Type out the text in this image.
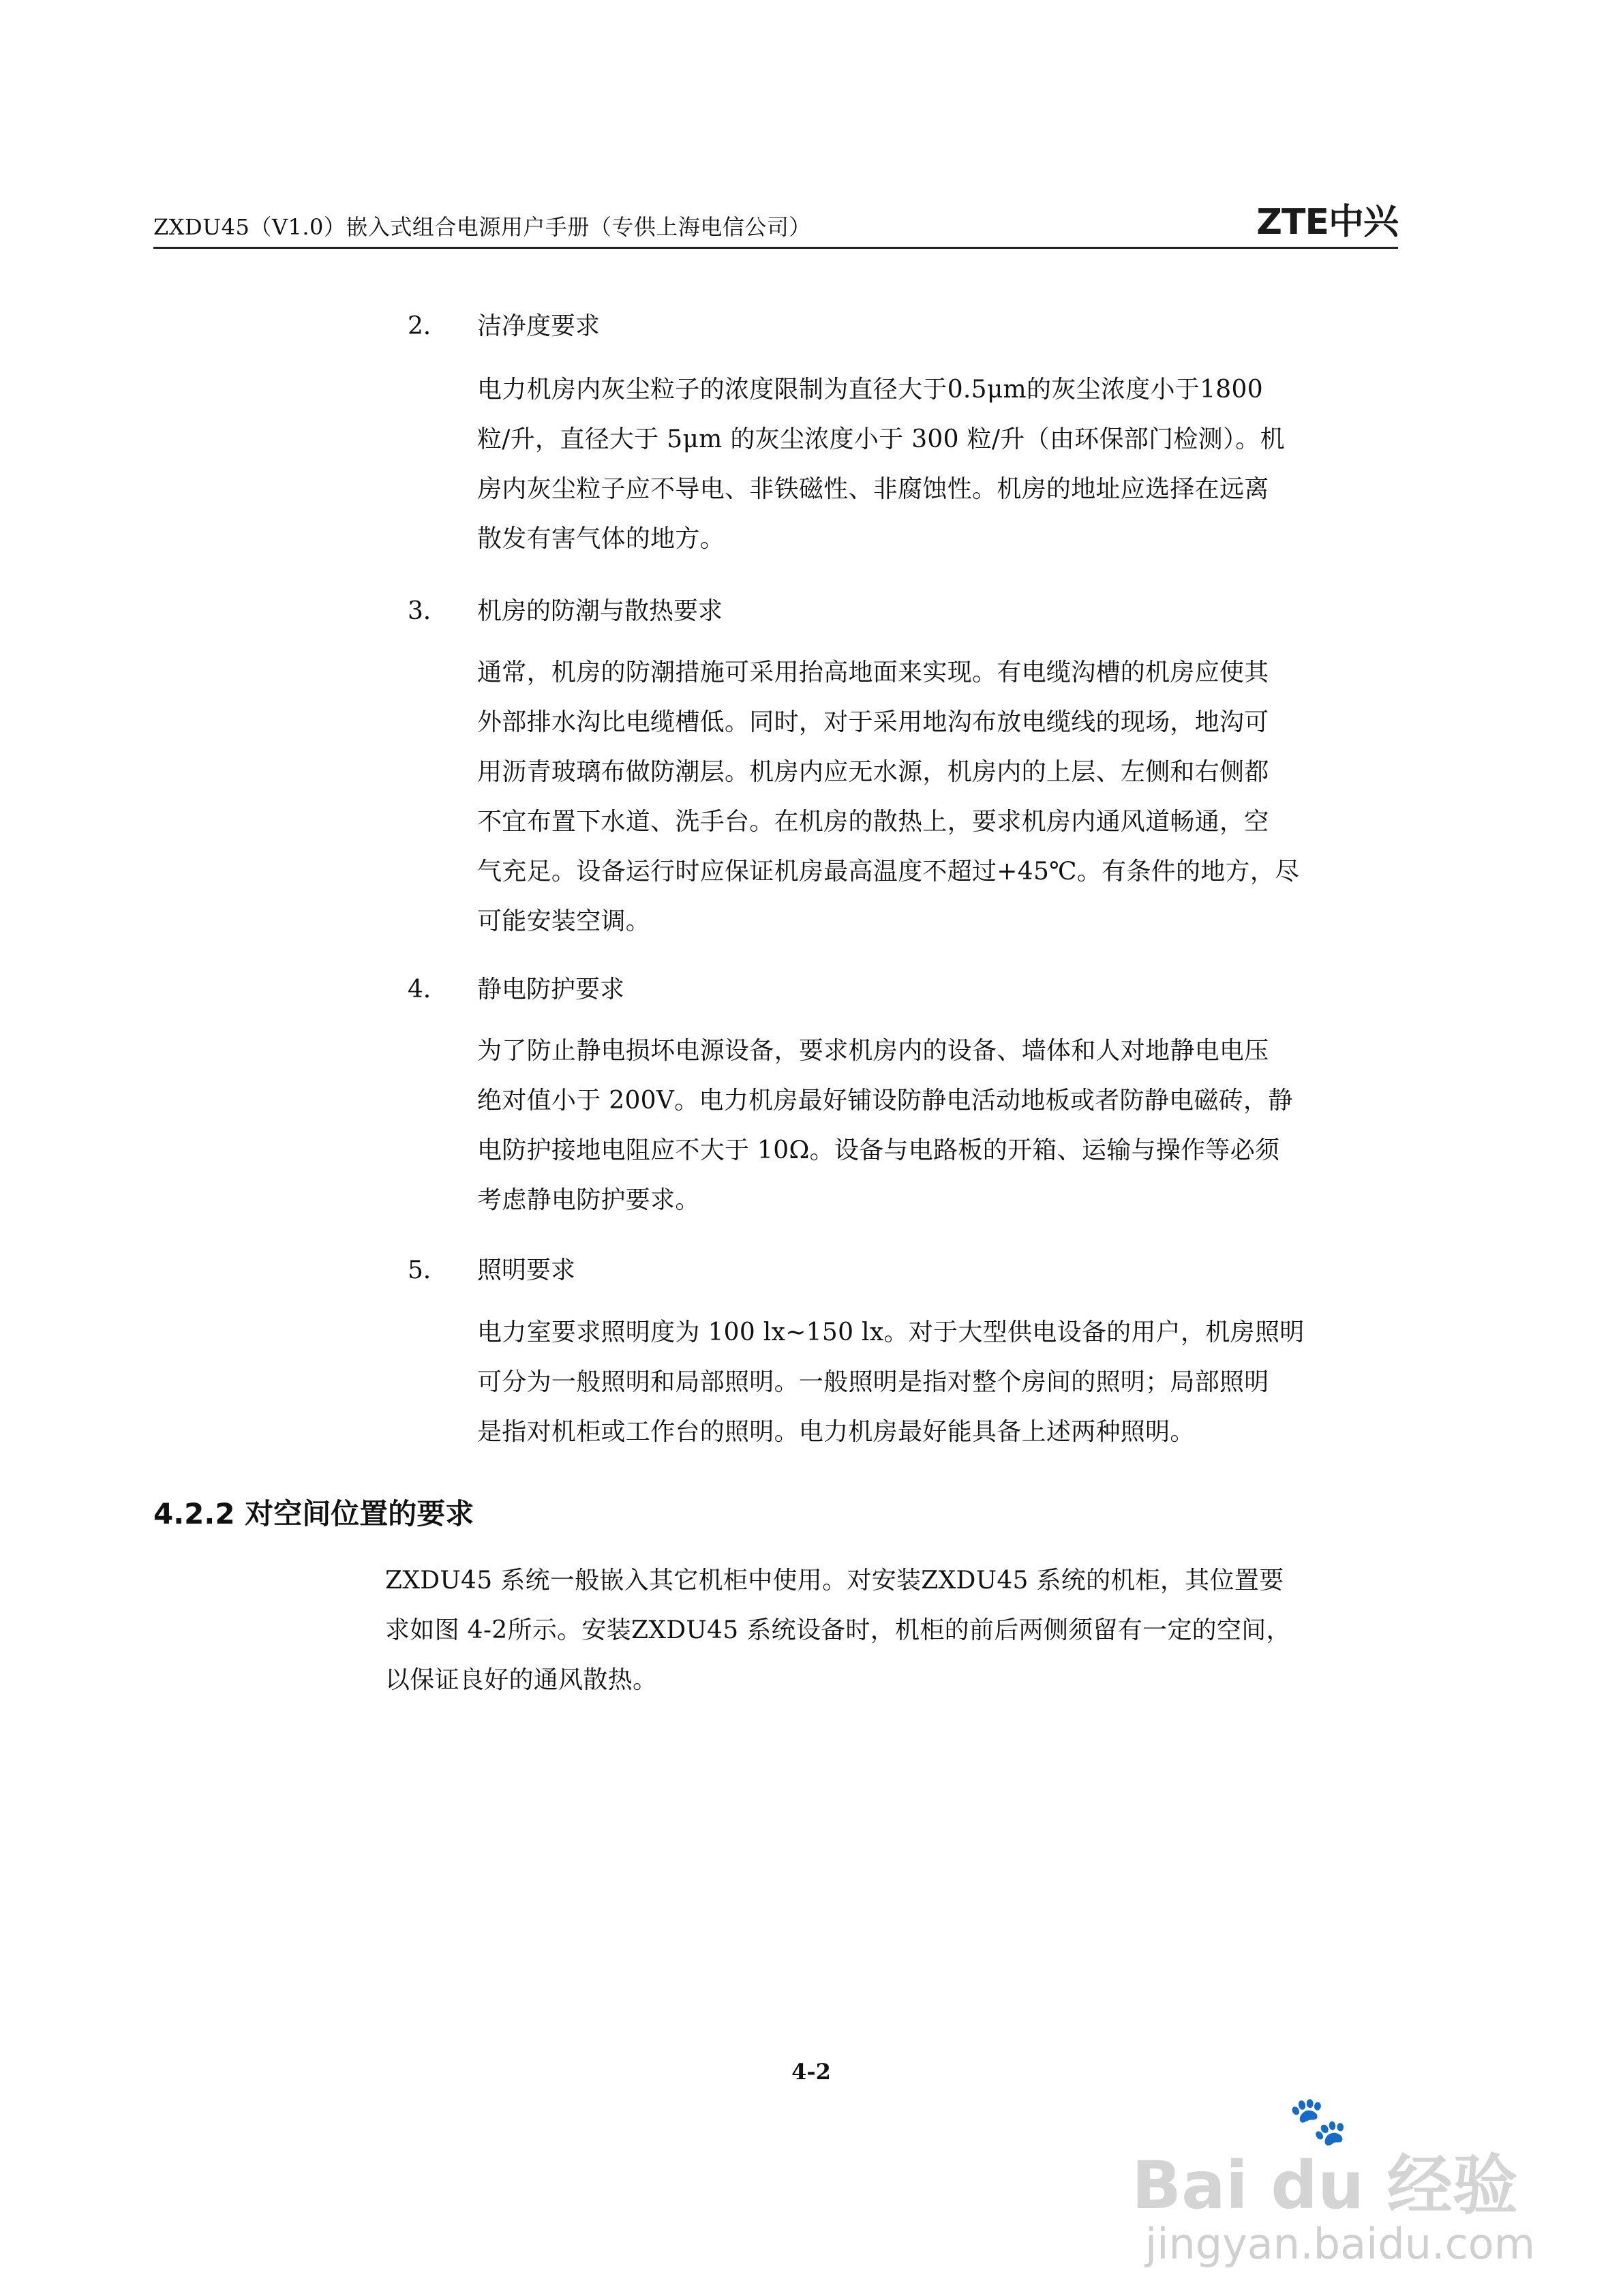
ZXDU45（V1.0）嵌入式组合电源用户手册（专供上海电信公司）	ZTE中兴
2． 洁净度要求
电力机房内灰尘粒子的浓度限制为直径大于0.5μm的灰尘浓度小于1800
粒/升，直径大于 5μm 的灰尘浓度小于 300 粒/升（由环保部门检测）。机
房内灰尘粒子应不导电、非铁磁性、非腐蚀性。机房的地址应选择在远离
散发有害气体的地方。
3． 机房的防潮与散热要求
通常，机房的防潮措施可采用抬高地面来实现。有电缆沟槽的机房应使其
外部排水沟比电缆槽低。同时，对于采用地沟布放电缆线的现场，地沟可
用沥青玻璃布做防潮层。机房内应无水源，机房内的上层、左侧和右侧都
不宜布置下水道、洗手台。在机房的散热上，要求机房内通风道畅通，空
气充足。设备运行时应保证机房最高温度不超过+45℃。有条件的地方，尽
可能安装空调。
4． 静电防护要求
为了防止静电损坏电源设备，要求机房内的设备、墙体和人对地静电电压
绝对值小于 200V。电力机房最好铺设防静电活动地板或者防静电磁砖，静
电防护接地电阻应不大于 10Ω。设备与电路板的开箱、运输与操作等必须
考虑静电防护要求。
5． 照明要求
电力室要求照明度为 100 lx~150 lx。对于大型供电设备的用户，机房照明
可分为一般照明和局部照明。一般照明是指对整个房间的照明；局部照明
是指对机柜或工作台的照明。电力机房最好能具备上述两种照明。
4.2.2 对空间位置的要求
ZXDU45 系统一般嵌入其它机柜中使用。对安装ZXDU45 系统的机柜，其位置要
求如图 4-2所示。安装ZXDU45 系统设备时，机柜的前后两侧须留有一定的空间，
以保证良好的通风散热。
4-2
🐾
Bai du 经验
jingyan.baidu.com
